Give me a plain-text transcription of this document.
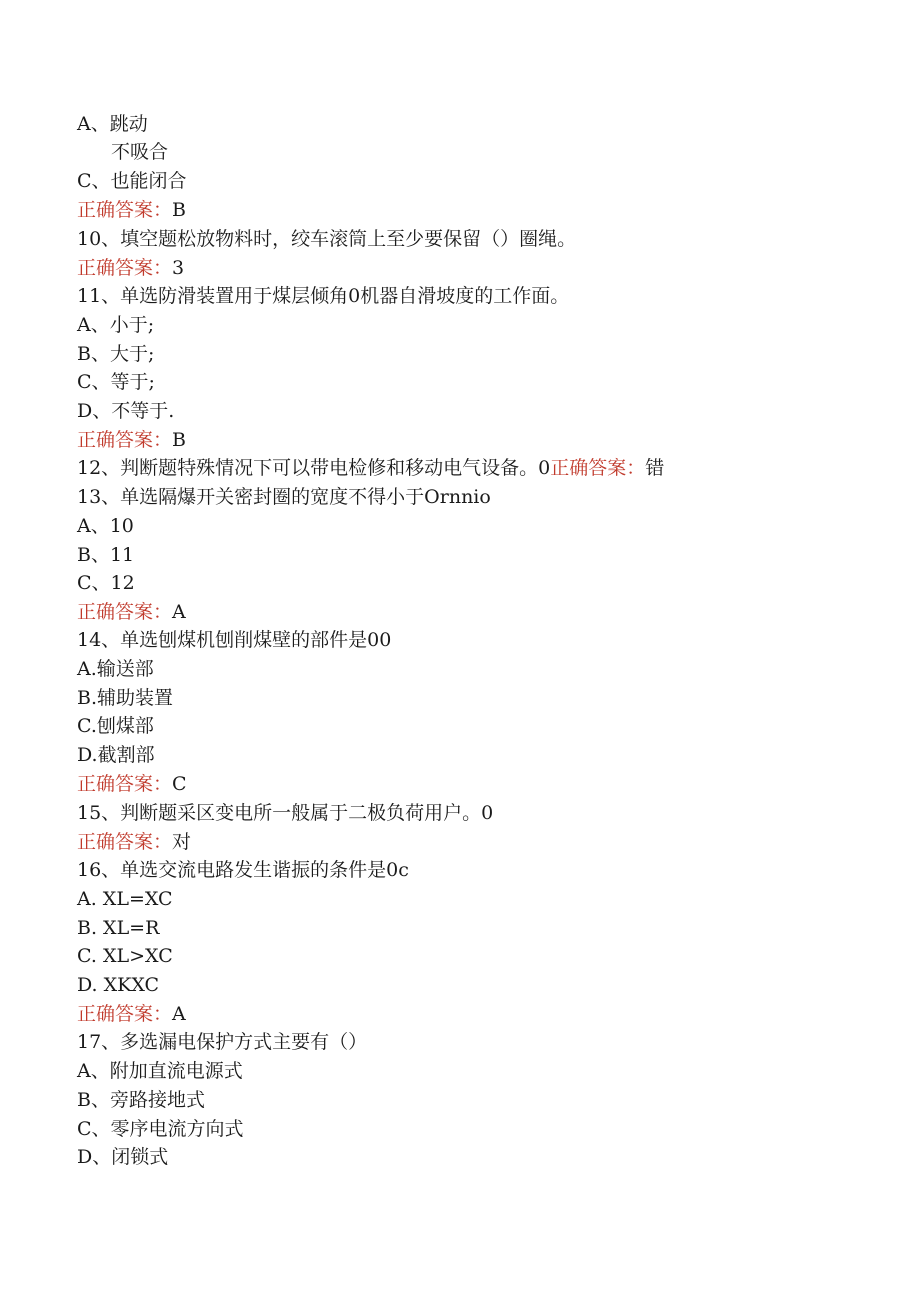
A、跳动
不吸合
C、也能闭合
正确答案：B
10、填空题松放物料时，绞车滚筒上至少要保留（）圈绳。
正确答案：3
11、单选防滑装置用于煤层倾角0机器自滑坡度的工作面。
A、小于;
B、大于;
C、等于;
D、不等于.
正确答案：B
12、判断题特殊情况下可以带电检修和移动电气设备。0正确答案：错
13、单选隔爆开关密封圈的宽度不得小于Ornnio
A、10
B、11
C、12
正确答案：A
14、单选刨煤机刨削煤壁的部件是00
A.输送部
B.辅助装置
C.刨煤部
D.截割部
正确答案：C
15、判断题采区变电所一般属于二极负荷用户。0
正确答案：对
16、单选交流电路发生谐振的条件是0c
A. XL=XC
B. XL=R
C. XL>XC
D. XKXC
正确答案：A
17、多选漏电保护方式主要有（）
A、附加直流电源式
B、旁路接地式
C、零序电流方向式
D、闭锁式
